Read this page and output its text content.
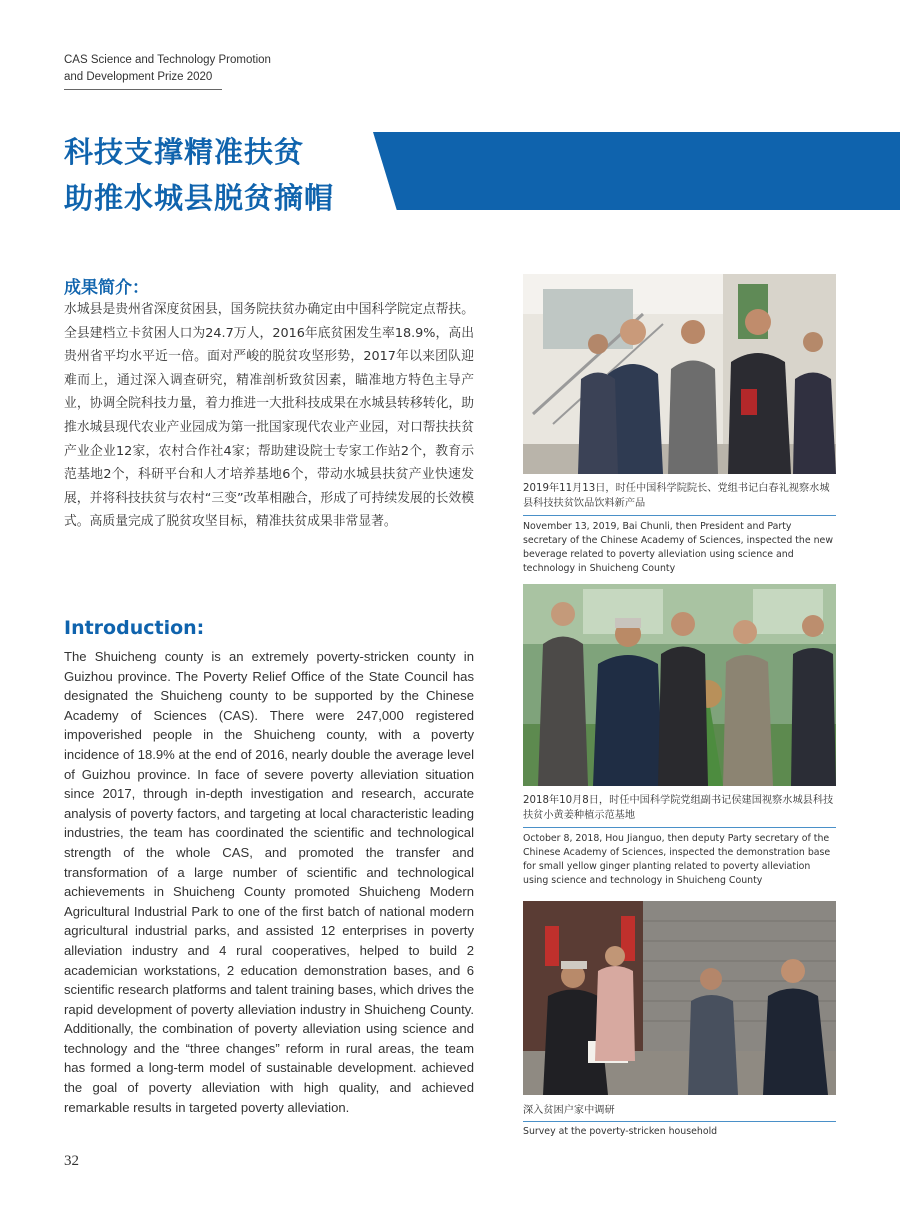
CAS Science and Technology Promotion
and Development Prize 2020
科技支撑精准扶贫
助推水城县脱贫摘帽
成果简介：
水城县是贵州省深度贫困县，国务院扶贫办确定由中国科学院定点帮扶。全县建档立卡贫困人口为24.7万人，2016年底贫困发生率18.9%，高出贵州省平均水平近一倍。面对严峻的脱贫攻坚形势，2017年以来团队迎难而上，通过深入调查研究，精准剖析致贫因素，瞄准地方特色主导产业，协调全院科技力量，着力推进一大批科技成果在水城县转移转化，助推水城县现代农业产业园成为第一批国家现代农业产业园，对口帮扶扶贫产业企业12家，农村合作社4家；帮助建设院士专家工作站2个，教育示范基地2个，科研平台和人才培养基地6个，带动水城县扶贫产业快速发展，并将科技扶贫与农村“三变”改革相融合，形成了可持续发展的长效模式。高质量完成了脱贫攻坚目标，精准扶贫成果非常显著。
Introduction:
The Shuicheng county is an extremely poverty-stricken county in Guizhou province. The Poverty Relief Office of the State Council has designated the Shuicheng county to be supported by the Chinese Academy of Sciences (CAS). There were 247,000 registered impoverished people in the Shuicheng county, with a poverty incidence of 18.9% at the end of 2016, nearly double the average level of Guizhou province. In face of severe poverty alleviation situation since 2017, through in-depth investigation and research, accurate analysis of poverty factors, and targeting at local characteristic leading industries, the team has coordinated the scientific and technological strength of the whole CAS, and promoted the transfer and transformation of a large number of scientific and technological achievements in Shuicheng County promoted Shuicheng Modern Agricultural Industrial Park to one of the first batch of national modern agricultural industrial parks, and assisted 12 enterprises in poverty alleviation industry and 4 rural cooperatives, helped to build 2 academician workstations, 2 education demonstration bases, and 6 scientific research platforms and talent training bases, which drives the rapid development of poverty alleviation industry in Shuicheng County. Additionally, the combination of poverty alleviation using science and technology and the “three changes” reform in rural areas, the team has formed a long-term model of sustainable development. achieved the goal of poverty alleviation with high quality, and achieved remarkable results in targeted poverty alleviation.
2019年11月13日，时任中国科学院院长、党组书记白春礼视察水城县科技扶贫饮品饮料新产品
November 13, 2019, Bai Chunli, then President and Party secretary of the Chinese Academy of Sciences, inspected the new beverage related to poverty alleviation using science and technology in Shuicheng County
2018年10月8日，时任中国科学院党组副书记侯建国视察水城县科技扶贫小黄姜种植示范基地
October 8, 2018, Hou Jianguo, then deputy Party secretary of the Chinese Academy of Sciences, inspected the demonstration base for small yellow ginger planting related to poverty alleviation using science and technology in Shuicheng County
深入贫困户家中调研
Survey at the poverty-stricken household
32
